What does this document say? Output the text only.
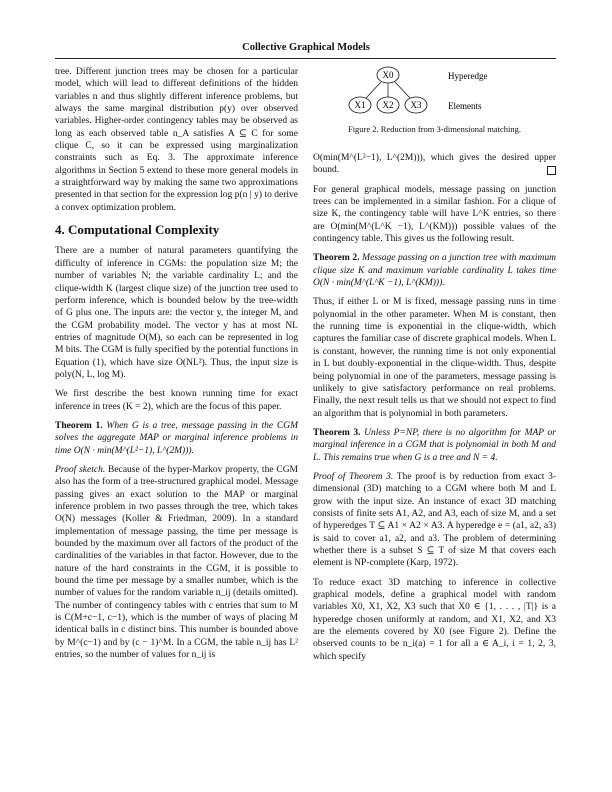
Collective Graphical Models

tree. Different junction trees may be chosen for a particular model, which will lead to different definitions of the hidden variables n and thus slightly different inference problems, but always the same marginal distribution p(y) over observed variables. Higher-order contingency tables may be observed as long as each observed table n_A satisfies A ⊆ C for some clique C, so it can be expressed using marginalization constraints such as Eq. 3. The approximate inference algorithms in Section 5 extend to these more general models in a straightforward way by making the same two approximations presented in that section for the expression log p(n | y) to derive a convex optimization problem.

4. Computational Complexity

There are a number of natural parameters quantifying the difficulty of inference in CGMs: the population size M; the number of variables N; the variable cardinality L; and the clique-width K (largest clique size) of the junction tree used to perform inference, which is bounded below by the tree-width of G plus one. The inputs are: the vector y, the integer M, and the CGM probability model. The vector y has at most NL entries of magnitude O(M), so each can be represented in log M bits. The CGM is fully specified by the potential functions in Equation (1), which have size O(NL²). Thus, the input size is poly(N, L, log M).

We first describe the best known running time for exact inference in trees (K = 2), which are the focus of this paper.

Theorem 1. When G is a tree, message passing in the CGM solves the aggregate MAP or marginal inference problems in time O(N · min(M^(L²−1), L^(2M))).

Proof sketch. Because of the hyper-Markov property, the CGM also has the form of a tree-structured graphical model. Message passing gives an exact solution to the MAP or marginal inference problem in two passes through the tree, which takes O(N) messages (Koller & Friedman, 2009). In a standard implementation of message passing, the time per message is bounded by the maximum over all factors of the product of the cardinalities of the variables in that factor. However, due to the nature of the hard constraints in the CGM, it is possible to bound the time per message by a smaller number, which is the number of values for the random variable n_ij (details omitted). The number of contingency tables with c entries that sum to M is C(M+c−1, c−1), which is the number of ways of placing M identical balls in c distinct bins. This number is bounded above by M^(c−1) and by (c − 1)^M. In a CGM, the table n_ij has L² entries, so the number of values for n_ij is

X0
X1 X2 X3
Hyperedge
Elements
Figure 2. Reduction from 3-dimensional matching.

O(min(M^(L²−1), L^(2M))), which gives the desired upper bound.

For general graphical models, message passing on junction trees can be implemented in a similar fashion. For a clique of size K, the contingency table will have L^K entries, so there are O(min(M^(L^K −1), L^(KM))) possible values of the contingency table. This gives us the following result.

Theorem 2. Message passing on a junction tree with maximum clique size K and maximum variable cardinality L takes time O(N · min(M^(L^K −1), L^(KM))).

Thus, if either L or M is fixed, message passing runs in time polynomial in the other parameter. When M is constant, then the running time is exponential in the clique-width, which captures the familiar case of discrete graphical models. When L is constant, however, the running time is not only exponential in L but doubly-exponential in the clique-width. Thus, despite being polynomial in one of the parameters, message passing is unlikely to give satisfactory performance on real problems. Finally, the next result tells us that we should not expect to find an algorithm that is polynomial in both parameters.

Theorem 3. Unless P=NP, there is no algorithm for MAP or marginal inference in a CGM that is polynomial in both M and L. This remains true when G is a tree and N = 4.

Proof of Theorem 3. The proof is by reduction from exact 3-dimensional (3D) matching to a CGM where both M and L grow with the input size. An instance of exact 3D matching consists of finite sets A1, A2, and A3, each of size M, and a set of hyperedges T ⊆ A1 × A2 × A3. A hyperedge e = (a1, a2, a3) is said to cover a1, a2, and a3. The problem of determining whether there is a subset S ⊆ T of size M that covers each element is NP-complete (Karp, 1972).

To reduce exact 3D matching to inference in collective graphical models, define a graphical model with random variables X0, X1, X2, X3 such that X0 ∈ {1, . . . , |T|} is a hyperedge chosen uniformly at random, and X1, X2, and X3 are the elements covered by X0 (see Figure 2). Define the observed counts to be n_i(a) = 1 for all a ∈ A_i, i = 1, 2, 3, which specify
